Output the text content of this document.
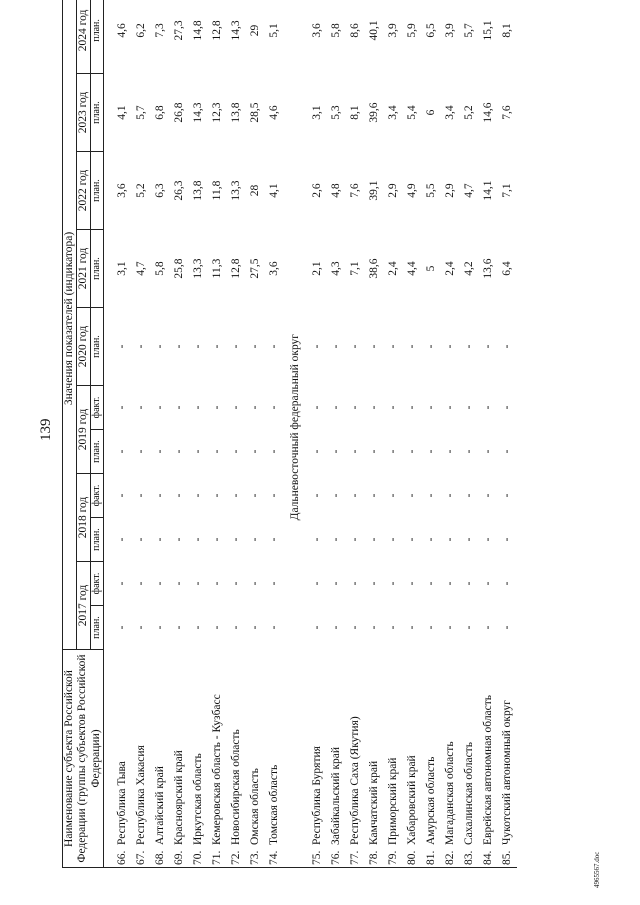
139
Наименование субъекта Российской Федерации (группы субъектов Российской Федерации)	Значения показателей (индикатора)										
	2017 год		2018 год		2019 год		2020 год	2021 год	2022 год	2023 год	2024 год
	план.	факт.	план.	факт.	план.	факт.	план.	план.	план.	план.	план.

66.Республика Тыва	-	-	-	-	-	-	-	3,1	3,6	4,1	4,6
67.Республика Хакасия	-	-	-	-	-	-	-	4,7	5,2	5,7	6,2
68.Алтайский край	-	-	-	-	-	-	-	5,8	6,3	6,8	7,3
69.Красноярский край	-	-	-	-	-	-	-	25,8	26,3	26,8	27,3
70.Иркутская область	-	-	-	-	-	-	-	13,3	13,8	14,3	14,8
71.Кемеровская область - Кузбасс	-	-	-	-	-	-	-	11,3	11,8	12,3	12,8
72.Новосибирская область	-	-	-	-	-	-	-	12,8	13,3	13,8	14,3
73.Омская область	-	-	-	-	-	-	-	27,5	28	28,5	29
74.Томская область	-	-	-	-	-	-	-	3,6	4,1	4,6	5,1
Дальневосточный федеральный округ											
75.Республика Бурятия	-	-	-	-	-	-	-	2,1	2,6	3,1	3,6
76.Забайкальский край	-	-	-	-	-	-	-	4,3	4,8	5,3	5,8
77.Республика Саха (Якутия)	-	-	-	-	-	-	-	7,1	7,6	8,1	8,6
78.Камчатский край	-	-	-	-	-	-	-	38,6	39,1	39,6	40,1
79.Приморский край	-	-	-	-	-	-	-	2,4	2,9	3,4	3,9
80.Хабаровский край	-	-	-	-	-	-	-	4,4	4,9	5,4	5,9
81.Амурская область	-	-	-	-	-	-	-	5	5,5	6	6,5
82.Магаданская область	-	-	-	-	-	-	-	2,4	2,9	3,4	3,9
83.Сахалинская область	-	-	-	-	-	-	-	4,2	4,7	5,2	5,7
84.Еврейская автономная область	-	-	-	-	-	-	-	13,6	14,1	14,6	15,1
85.Чукотский автономный округ	-	-	-	-	-	-	-	6,4	7,1	7,6	8,1
4965567.doc
